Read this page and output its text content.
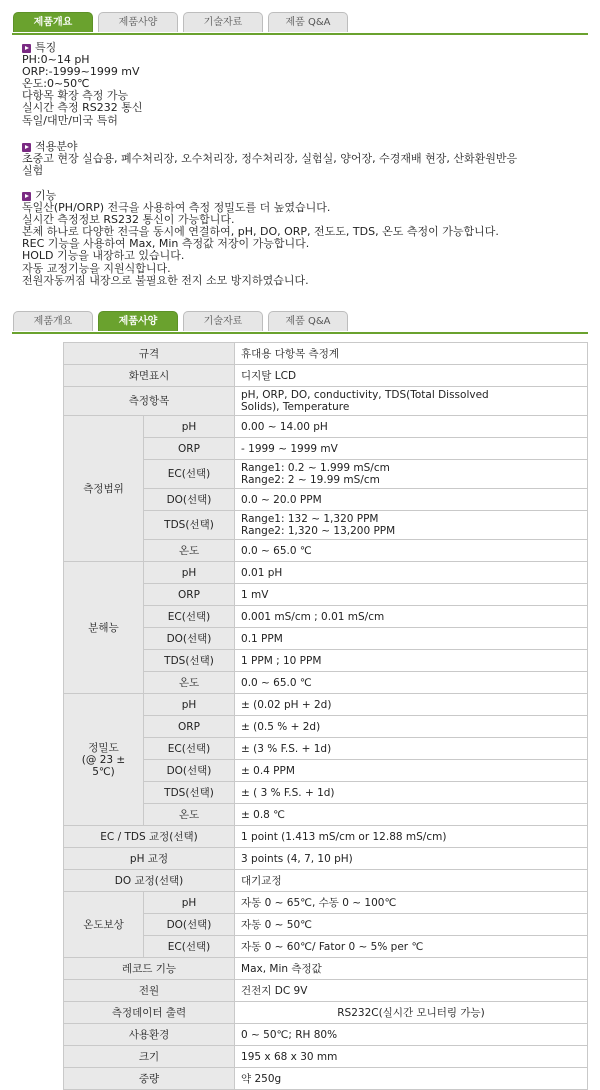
제품개요	제품사양	기술자료	제품 Q&A
특징
PH:0~14 pH
ORP:-1999~1999 mV
온도:0~50℃
다항목 확장 측정 가능
실시간 측정 RS232 통신
독일/대만/미국 특허
적용분야
초중고 현장 실습용, 폐수처리장, 오수처리장, 정수처리장, 실험실, 양어장, 수경재배 현장, 산화환원반응
실험
기능
독일산(PH/ORP) 전극을 사용하여 측정 정밀도를 더 높였습니다.
실시간 측정정보 RS232 통신이 가능합니다.
본체 하나로 다양한 전극을 동시에 연결하여, pH, DO, ORP, 전도도, TDS, 온도 측정이 가능합니다.
REC 기능을 사용하여 Max, Min 측정값 저장이 가능합니다.
HOLD 기능을 내장하고 있습니다.
자동 교정기능을 지원식합니다.
전원자동꺼짐 내장으로 불필요한 전지 소모 방지하였습니다.
제품개요	제품사양	기술자료	제품 Q&A
규격		휴대용 다항목 측정계
화면표시		디지탈 LCD
측정항목		pH, ORP, DO, conductivity, TDS(Total Dissolved
Solids), Temperature

측정범위	pH	0.00 ~ 14.00 pH
	ORP	- 1999 ~ 1999 mV
	EC(선택)	Range1: 0.2 ~ 1.999 mS/cm
Range2: 2 ~ 19.99 mS/cm

	DO(선택)	0.0 ~ 20.0 PPM
	TDS(선택)	Range1: 132 ~ 1,320 PPM
Range2: 1,320 ~ 13,200 PPM

	온도	0.0 ~ 65.0 ℃
분해능	pH	0.01 pH
	ORP	1 mV
	EC(선택)	0.001 mS/cm ; 0.01 mS/cm
	DO(선택)	0.1 PPM
	TDS(선택)	1 PPM ; 10 PPM
	온도	0.0 ~ 65.0 ℃

정밀도
(@ 23 ± 5℃)	pH	± (0.02 pH + 2d)
	ORP	± (0.5 % + 2d)
	EC(선택)	± (3 % F.S. + 1d)
	DO(선택)	± 0.4 PPM
	TDS(선택)	± ( 3 % F.S. + 1d)
	온도	± 0.8 ℃
EC / TDS 교정(선택)		1 point (1.413 mS/cm or 12.88 mS/cm)
pH 교정		3 points (4, 7, 10 pH)
DO 교정(선택)		대기교정
온도보상	pH	자동 0 ~ 65℃, 수동 0 ~ 100℃
	DO(선택)	자동 0 ~ 50℃
	EC(선택)	자동 0 ~ 60℃/ Fator 0 ~ 5% per ℃
레코드 기능		Max, Min 측정값
전원		건전지 DC 9V
측정데이터 출력		RS232C(실시간 모니터링 가능)
사용환경		0 ~ 50℃; RH 80%
크기		195 x 68 x 30 mm
중량		약 250g
